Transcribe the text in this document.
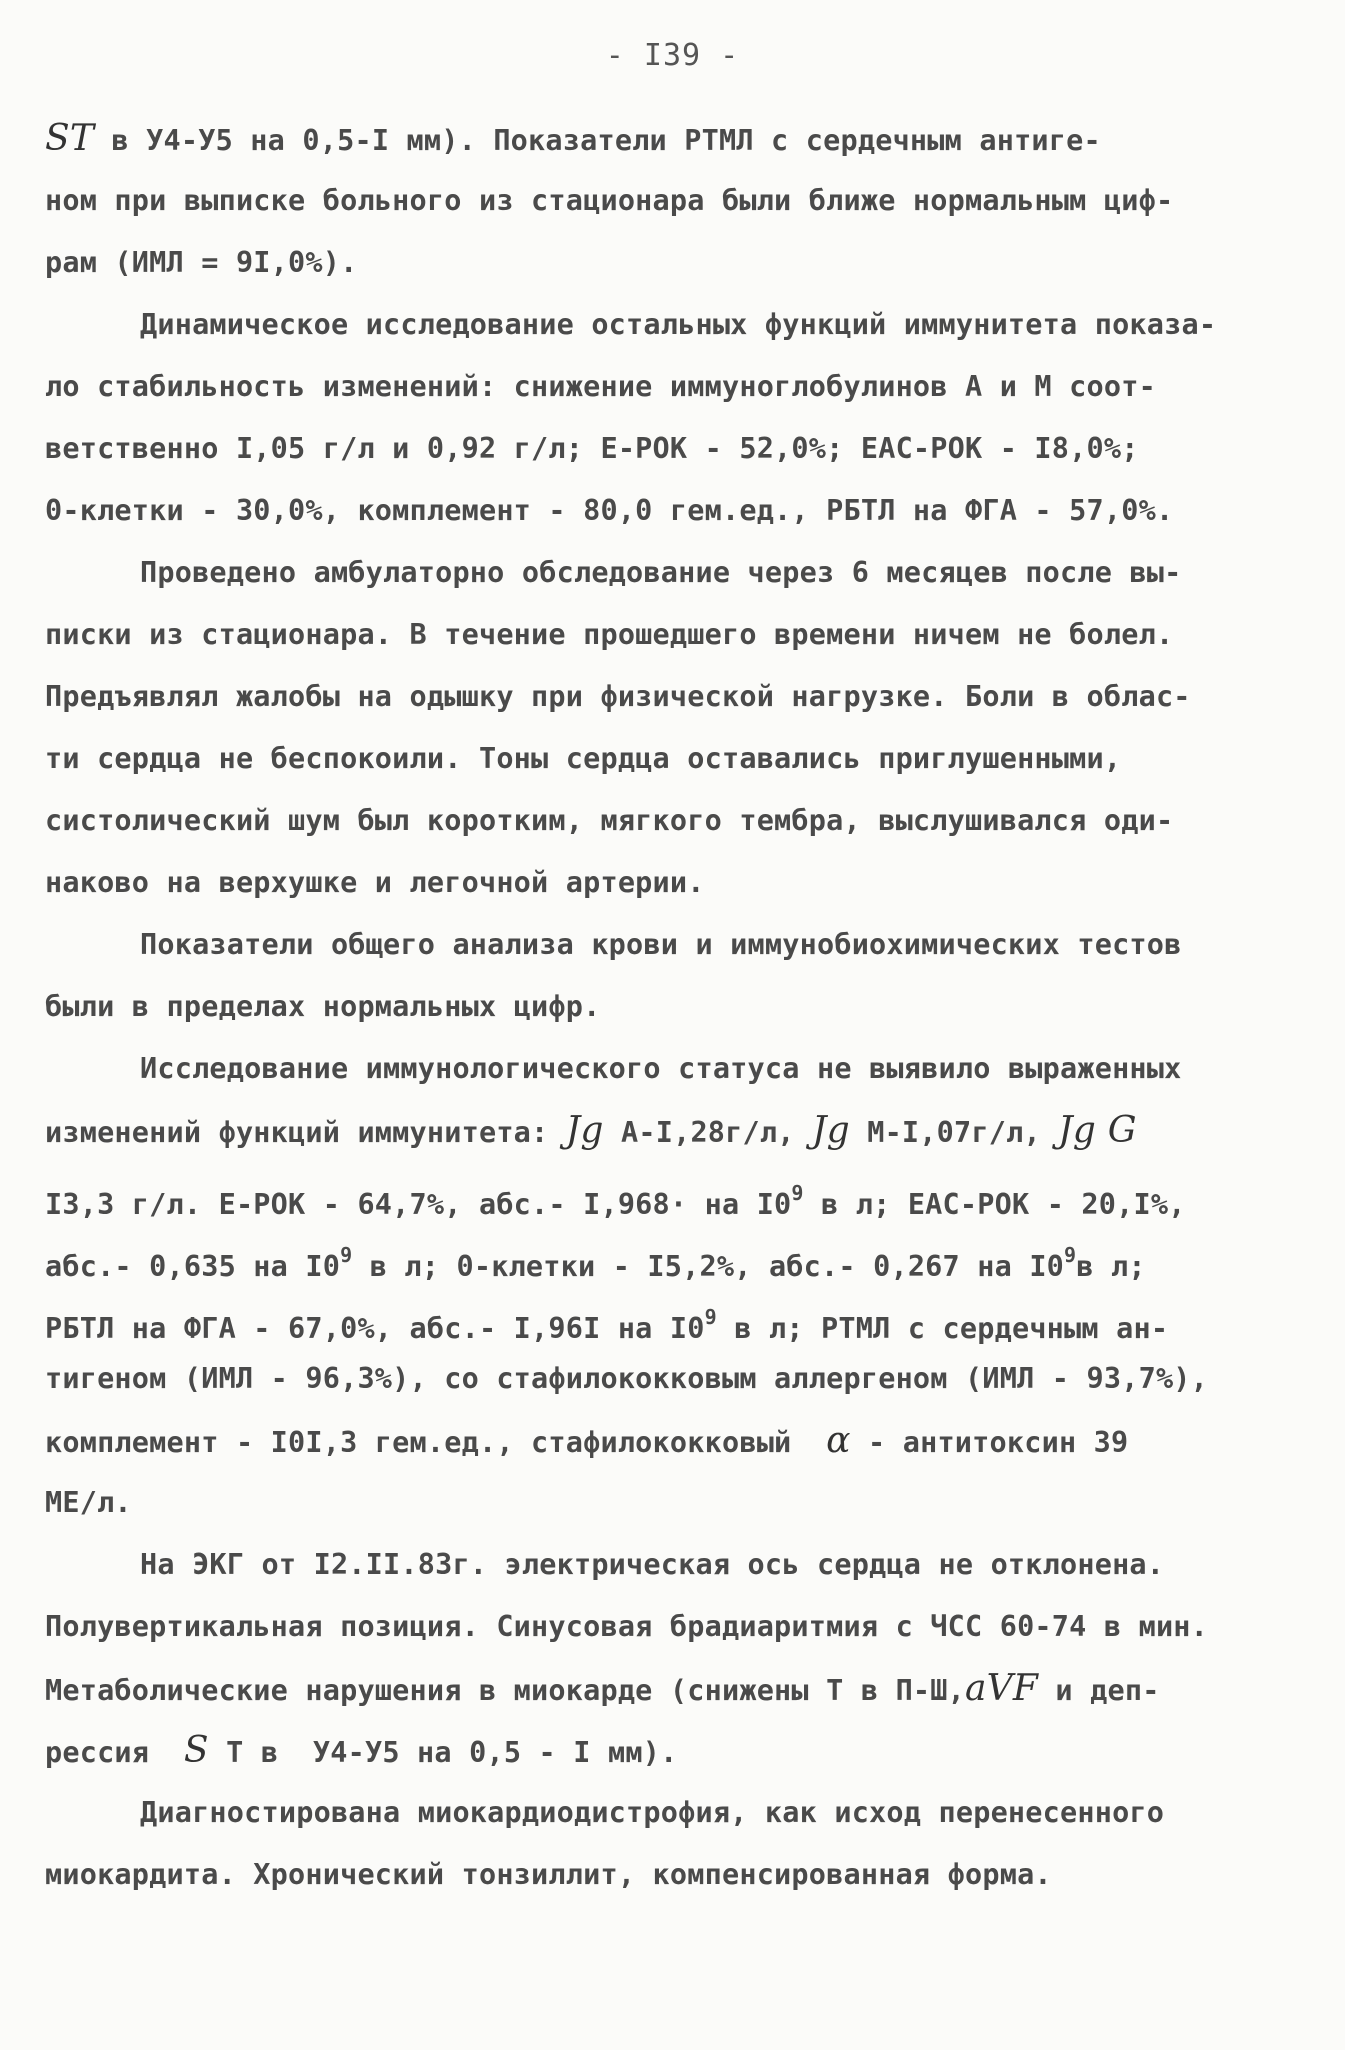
- I39 -
ST в У4-У5 на 0,5-I мм). Показатели РТМЛ с сердечным антиге-
ном при выписке больного из стационара были ближе нормальным циф-
рам (ИМЛ = 9I,0%).
Динамическое исследование остальных функций иммунитета показа-
ло стабильность изменений: снижение иммуноглобулинов А и М соот-
ветственно I,05 г/л и 0,92 г/л; Е-РОК - 52,0%; ЕАС-РОК - I8,0%;
0-клетки - 30,0%, комплемент - 80,0 гем.ед., РБТЛ на ФГА - 57,0%.
Проведено амбулаторно обследование через 6 месяцев после вы-
писки из стационара. В течение прошедшего времени ничем не болел.
Предъявлял жалобы на одышку при физической нагрузке. Боли в облас-
ти сердца не беспокоили. Тоны сердца оставались приглушенными,
систолический шум был коротким, мягкого тембра, выслушивался оди-
наково на верхушке и легочной артерии.
Показатели общего анализа крови и иммунобиохимических тестов
были в пределах нормальных цифр.
Исследование иммунологического статуса не выявило выраженных
изменений функций иммунитета: Jg А-I,28г/л, Jg М-I,07г/л, Jg G
I3,3 г/л. Е-РОК - 64,7%, абс.- I,968· на $I0^9$ в л; ЕАС-РОК - 20,I%,
абс.- 0,635 на $I0^9$ в л; 0-клетки - I5,2%, абс.- 0,267 на $I0^9в$ л;
РБТЛ на ФГА - 67,0%, абс.- I,96I на $I0^9$ в л; РТМЛ с сердечным ан-
тигеном (ИМЛ - 96,3%), со стафилококковым аллергеном (ИМЛ - 93,7%),
комплемент - I0I,3 гем.ед., стафилококковый  α - антитоксин 39
МЕ/л.
На ЭКГ от I2.II.83г. электрическая ось сердца не отклонена.
Полувертикальная позиция. Синусовая брадиаритмия с ЧСС 60-74 в мин.
Метаболические нарушения в миокарде (снижены Т в П-Ш,aVF и деп-
рессия  S Т в  У4-У5 на 0,5 - I мм).
Диагностирована миокардиодистрофия, как исход перенесенного
миокардита. Хронический тонзиллит, компенсированная форма.
